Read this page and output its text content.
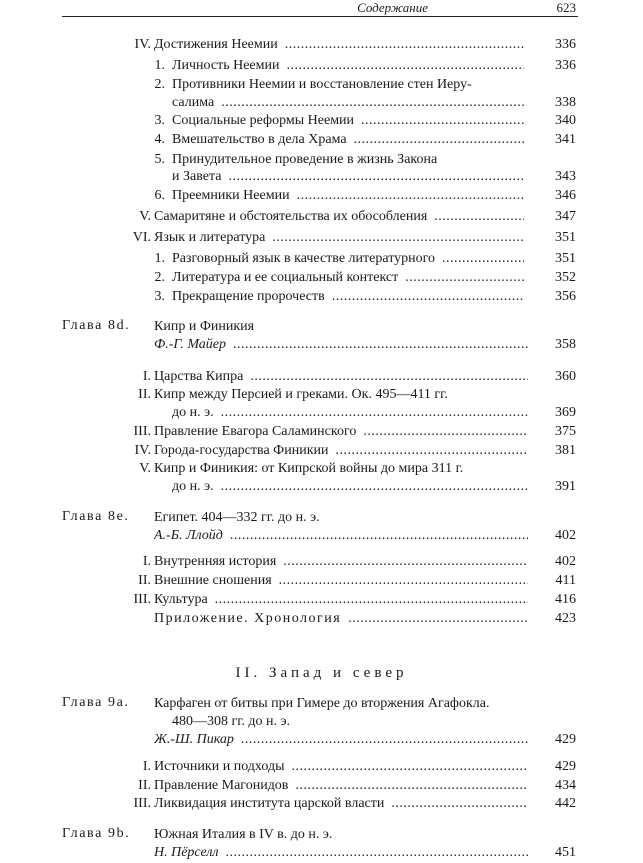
Содержание	623
IV. Достижения Неемии .....	336
1. Личность Неемии .....	336
2. Противники Неемии и восстановление стен Иеру-
салима .....	338
3. Социальные реформы Неемии .....	340
4. Вмешательство в дела Храма .....	341
5. Принудительное проведение в жизнь Закона
и Завета .....	343
6. Преемники Неемии .....	346
V. Самаритяне и обстоятельства их обособления .....	347
VI. Язык и литература .....	351
1. Разговорный язык в качестве литературного .....	351
2. Литература и ее социальный контекст .....	352
3. Прекращение пророчеств .....	356
Глава 8d. Кипр и Финикия
Ф.-Г. Майер .....	358
I. Царства Кипра .....	360
II. Кипр между Персией и греками. Ок. 495—411 гг.
до н. э. .....	369
III. Правление Евагора Саламинского .....	375
IV. Города-государства Финикии .....	381
V. Кипр и Финикия: от Кипрской войны до мира 311 г.
до н. э. .....	391
Глава 8e. Египет. 404—332 гг. до н. э.
А.-Б. Ллойд .....	402
I. Внутренняя история .....	402
II. Внешние сношения .....	411
III. Культура .....	416
Приложение. Хронология .....	423
II. Запад и север
Глава 9a. Карфаген от битвы при Гимере до вторжения Агафокла.
480—308 гг. до н. э.
Ж.-Ш. Пикар .....	429
I. Источники и подходы .....	429
II. Правление Магонидов .....	434
III. Ликвидация института царской власти .....	442
Глава 9b. Южная Италия в IV в. до н. э.
Н. Пёрселл .....	451
